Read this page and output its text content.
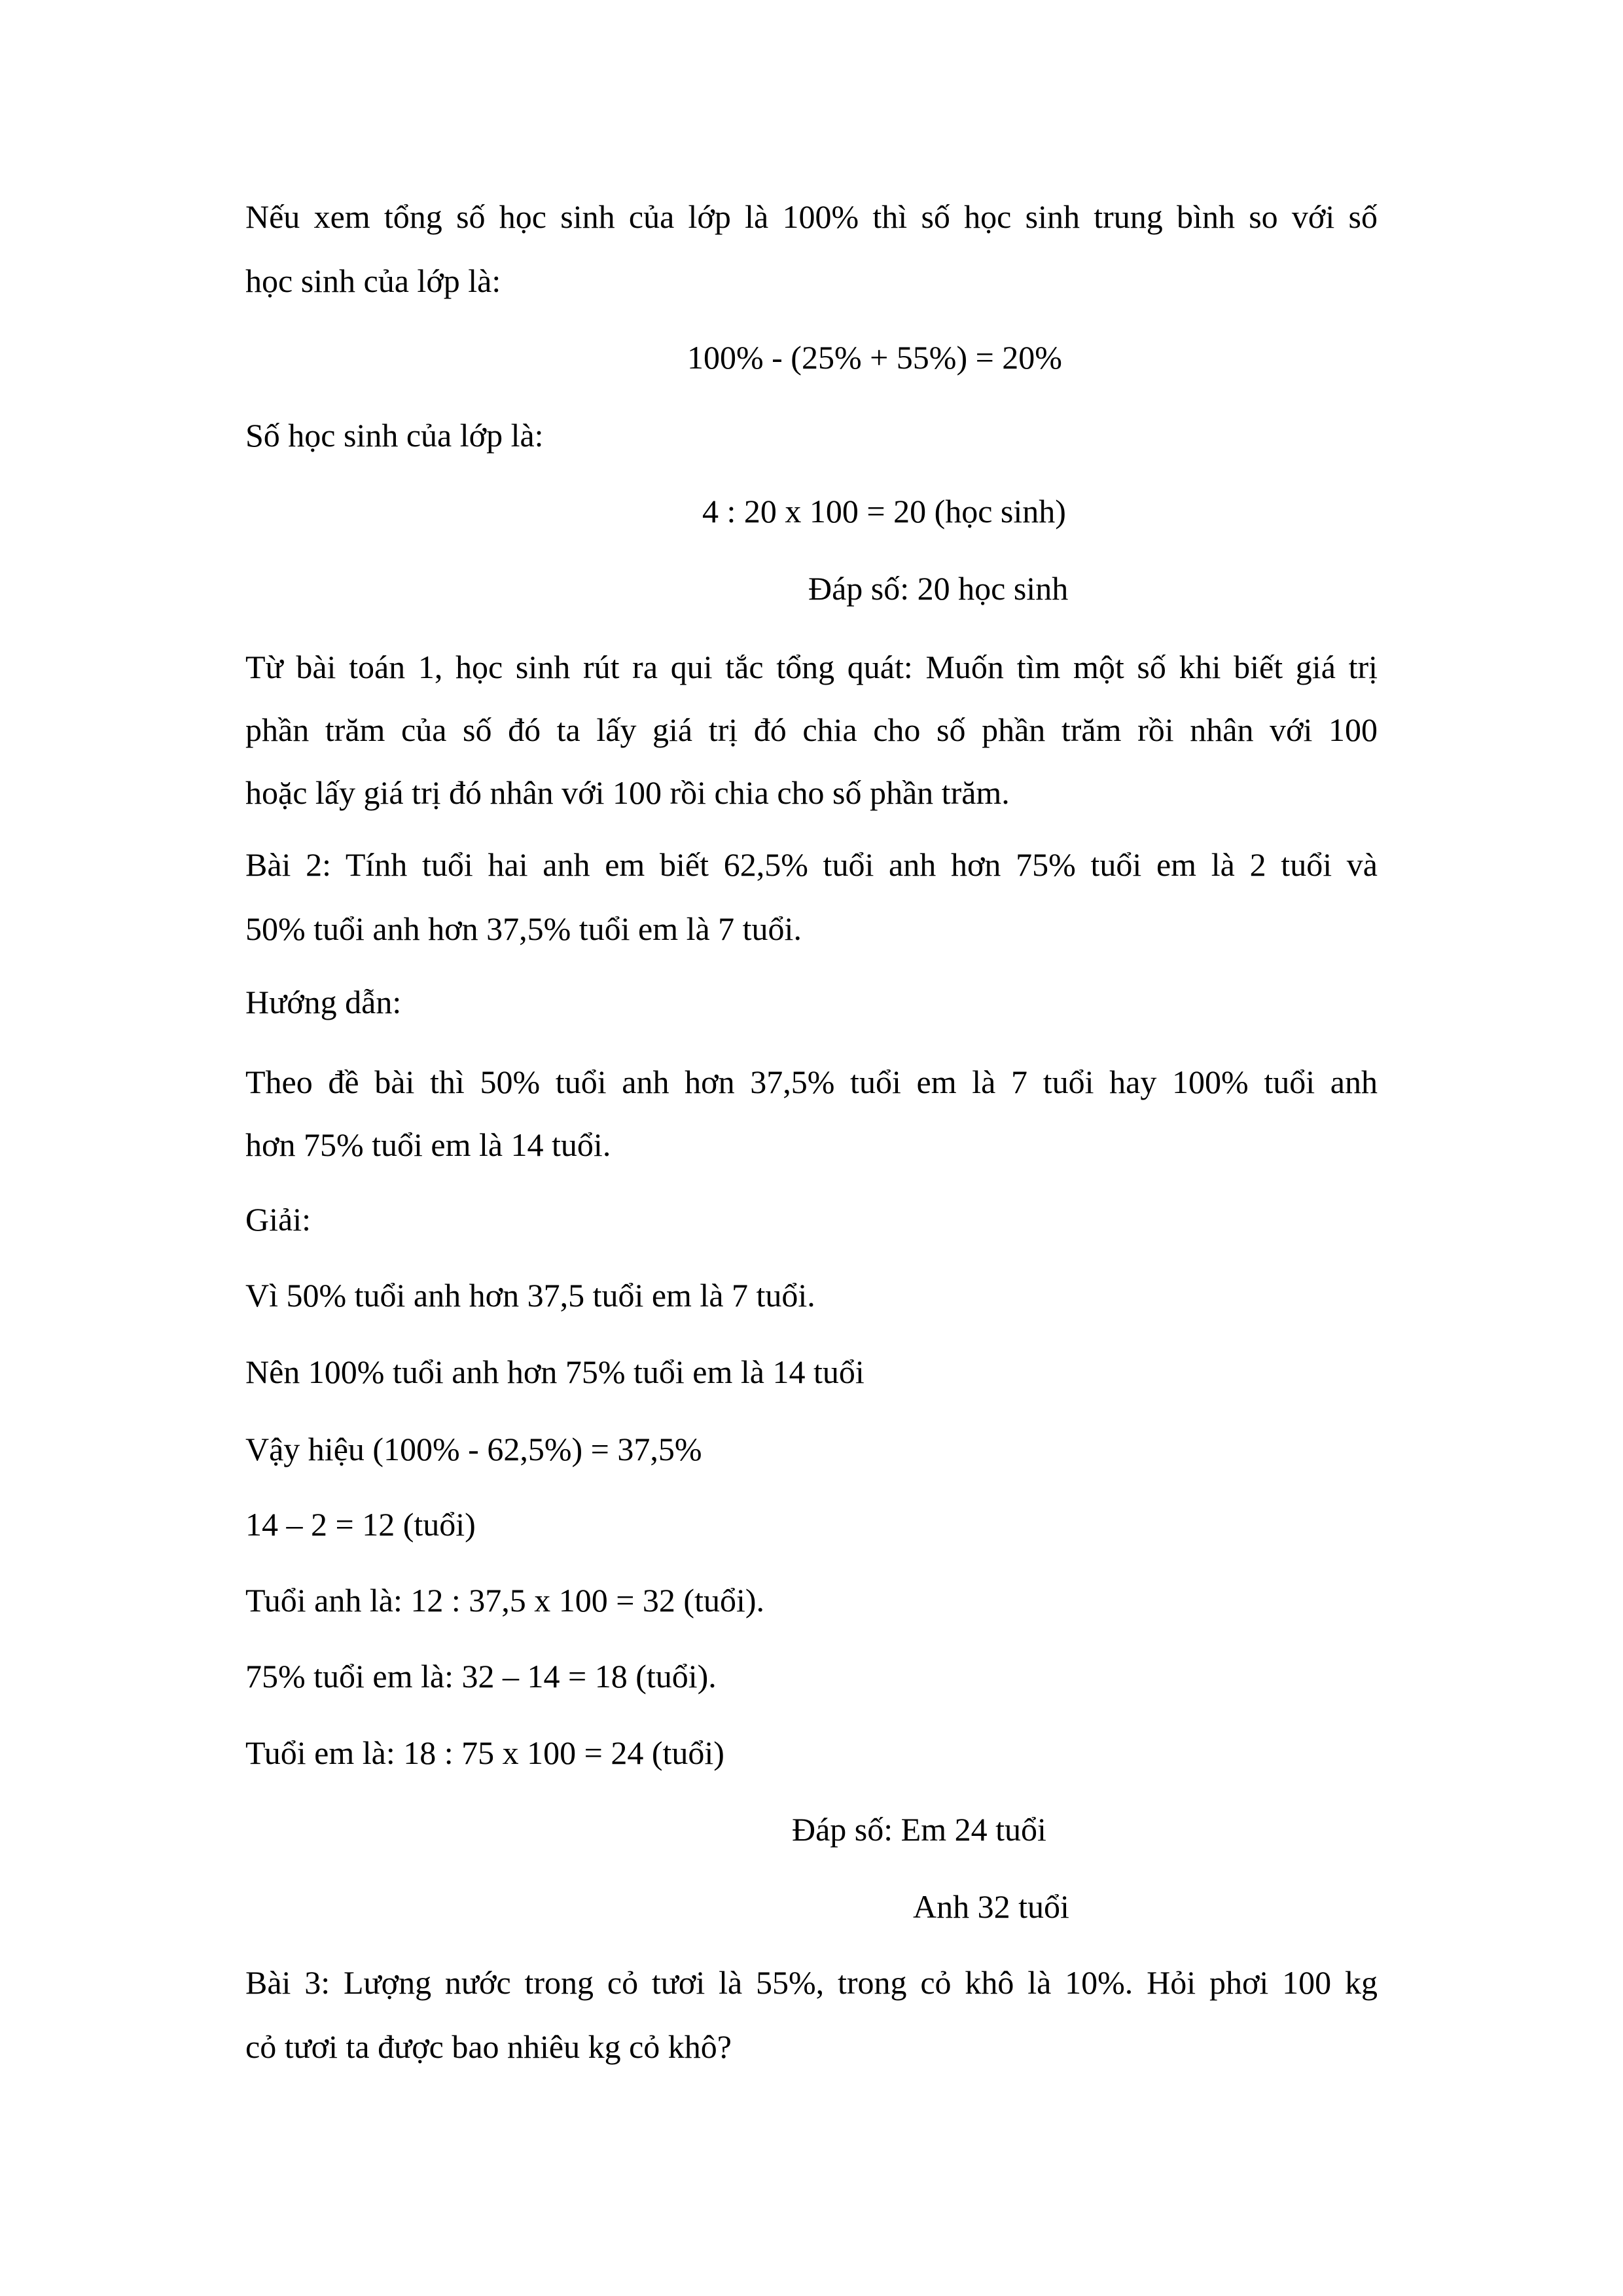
Nếu xem tổng số học sinh của lớp là 100% thì số học sinh trung bình so với số
học sinh của lớp là:
100% - (25% + 55%) = 20%
Số học sinh của lớp là:
4 : 20 x 100 = 20 (học sinh)
Đáp số: 20 học sinh
Từ bài toán 1, học sinh rút ra qui tắc tổng quát: Muốn tìm một số khi biết giá trị
phần trăm của số đó ta lấy giá trị đó chia cho số phần trăm rồi nhân với 100
hoặc lấy giá trị đó nhân với 100 rồi chia cho số phần trăm.
Bài 2: Tính tuổi hai anh em biết 62,5% tuổi anh hơn 75% tuổi em là 2 tuổi và
50% tuổi anh hơn 37,5% tuổi em là 7 tuổi.
Hướng dẫn:
Theo đề bài thì 50% tuổi anh hơn 37,5% tuổi em là 7 tuổi hay 100% tuổi anh
hơn 75% tuổi em là 14 tuổi.
Giải:
Vì 50% tuổi anh hơn 37,5 tuổi em là 7 tuổi.
Nên 100% tuổi anh hơn 75% tuổi em là 14 tuổi
Vậy hiệu (100% - 62,5%) = 37,5%
14 – 2 = 12 (tuổi)
Tuổi anh là: 12 : 37,5 x 100 = 32 (tuổi).
75% tuổi em là: 32 – 14 = 18 (tuổi).
Tuổi em là: 18 : 75 x 100 = 24 (tuổi)
Đáp số: Em 24 tuổi
Anh 32 tuổi
Bài 3: Lượng nước trong cỏ tươi là 55%, trong cỏ khô là 10%. Hỏi phơi 100 kg
cỏ tươi ta được bao nhiêu kg cỏ khô?
